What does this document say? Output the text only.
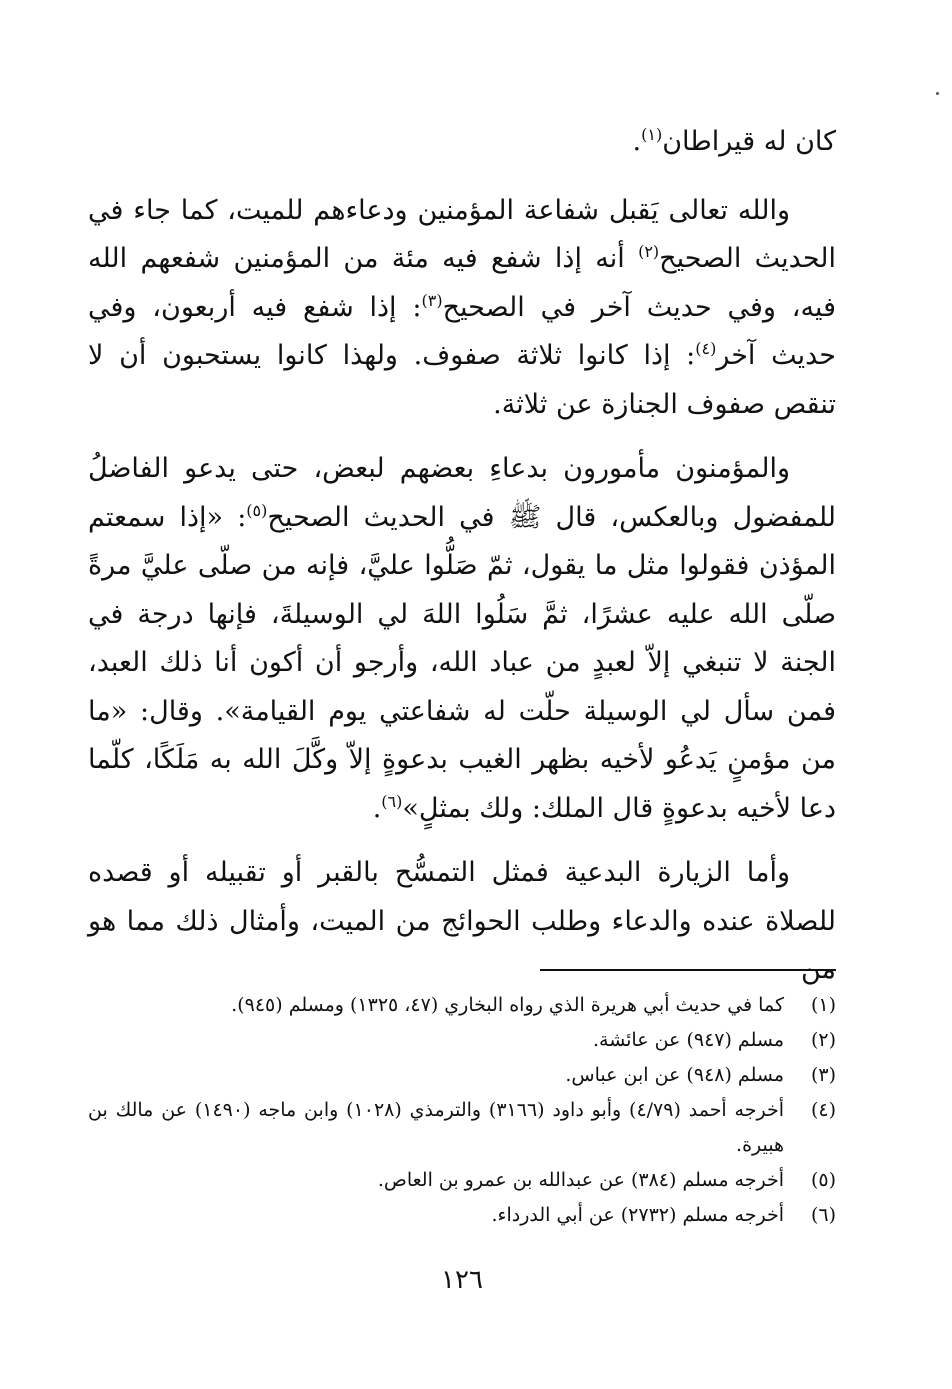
كان له قيراطان$^{(١)}$.

والله تعالى يَقبل شفاعة المؤمنين ودعاءهم للميت، كما جاء في الحديث الصحيح$^{(٢)}$ أنه إذا شفع فيه مئة من المؤمنين شفعهم الله فيه، وفي حديث آخر في الصحيح$^{(٣)}$: إذا شفع فيه أربعون، وفي حديث آخر$^{(٤)}$: إذا كانوا ثلاثة صفوف. ولهذا كانوا يستحبون أن لا تنقص صفوف الجنازة عن ثلاثة.

والمؤمنون مأمورون بدعاءِ بعضهم لبعض، حتى يدعو الفاضلُ للمفضول وبالعكس، قال ﷺ في الحديث الصحيح$^{(٥)}$: «إذا سمعتم المؤذن فقولوا مثل ما يقول، ثمّ صَلُّوا عليَّ، فإنه من صلّى عليَّ مرةً صلّى الله عليه عشرًا، ثمَّ سَلُوا اللهَ لي الوسيلةَ، فإنها درجة في الجنة لا تنبغي إلاّ لعبدٍ من عباد الله، وأرجو أن أكون أنا ذلك العبد، فمن سأل لي الوسيلة حلّت له شفاعتي يوم القيامة». وقال: «ما من مؤمنٍ يَدعُو لأخيه بظهر الغيب بدعوةٍ إلاّ وكَّلَ الله به مَلَكًا، كلّما دعا لأخيه بدعوةٍ قال الملك: ولك بمثلٍ»$^{(٦)}$.

وأما الزيارة البدعية فمثل التمسُّح بالقبر أو تقبيله أو قصده للصلاة عنده والدعاء وطلب الحوائج من الميت، وأمثال ذلك مما هو من

(١)
كما في حديث أبي هريرة الذي رواه البخاري (٤٧، ١٣٢٥) ومسلم (٩٤٥).
(٢)
مسلم (٩٤٧) عن عائشة.
(٣)
مسلم (٩٤٨) عن ابن عباس.
(٤)
أخرجه أحمد (٤/٧٩) وأبو داود (٣١٦٦) والترمذي (١٠٢٨) وابن ماجه (١٤٩٠) عن مالك بن هبيرة.
(٥)
أخرجه مسلم (٣٨٤) عن عبدالله بن عمرو بن العاص.
(٦)
أخرجه مسلم (٢٧٣٢) عن أبي الدرداء.
١٢٦
